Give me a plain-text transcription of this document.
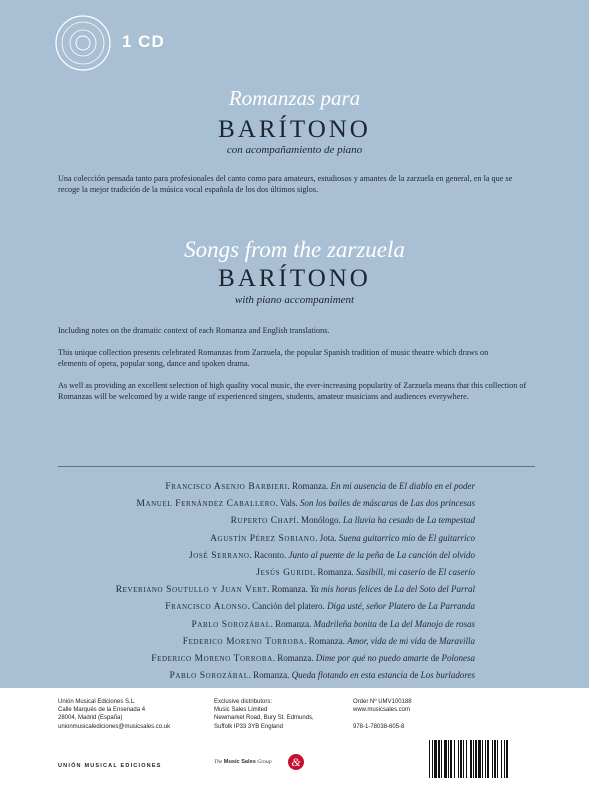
1 CD
Romanzas para
BARÍTONO
con acompañamiento de piano
Una colección pensada tanto para profesionales del canto como para amateurs, estudiosos y amantes de la zarzuela en general, en la que se
recoge la mejor tradición de la música vocal española de los dos últimos siglos.
Songs from the zarzuela
BARÍTONO
with piano accompaniment
Including notes on the dramatic context of each Romanza and English translations.
This unique collection presents celebrated Romanzas from Zarzuela, the popular Spanish tradition of music theatre which draws on
elements of opera, popular song, dance and spoken drama.
As well as providing an excellent selection of high quality vocal music, the ever-increasing popularity of Zarzuela means that this collection of
Romanzas will be welcomed by a wide range of experienced singers, students, amateur musicians and audiences everywhere.
Francisco Asenjo Barbieri. Romanza. En mi ausencia de El diablo en el poder
Manuel Fernández Caballero. Vals. Son los bailes de máscaras de Las dos princesas
Ruperto Chapí. Monólogo. La lluvia ha cesado de La tempestad
Agustín Pérez Soriano. Jota. Suena guitarrico mío de El guitarrico
José Serrano. Raconto. Junto al puente de la peña de La canción del olvido
Jesús Guridi. Romanza. Sasibill, mi caserío de El caserío
Reveriano Soutullo y Juan Vert. Romanza. Ya mis horas felices de La del Soto del Parral
Francisco Alonso. Canción del platero. Diga usté, señor Platero de La Parranda
Pablo Sorozábal. Romanza. Madrileña bonita de La del Manojo de rosas
Federico Moreno Torroba. Romanza. Amor, vida de mi vida de Maravilla
Federico Moreno Torroba. Romanza. Dime por qué no puedo amarte de Polonesa
Pablo Sorozábal. Romanza. Queda flotando en esta estancia de Los burladores
Unión Musical Ediciones S.L.
Calle Marqués de la Ensenada 4
28004, Madrid (España)
unionmusicalediciones@musicsales.co.uk
Exclusive distributors:
Music Sales Limited
Newmarket Road, Bury St. Edmunds,
Suffolk IP33 3YB England
Order Nº UMV100188
www.musicsales.com

978-1-78038-605-8
UNIÓN MUSICAL EDICIONES
The Music Sales Group &
